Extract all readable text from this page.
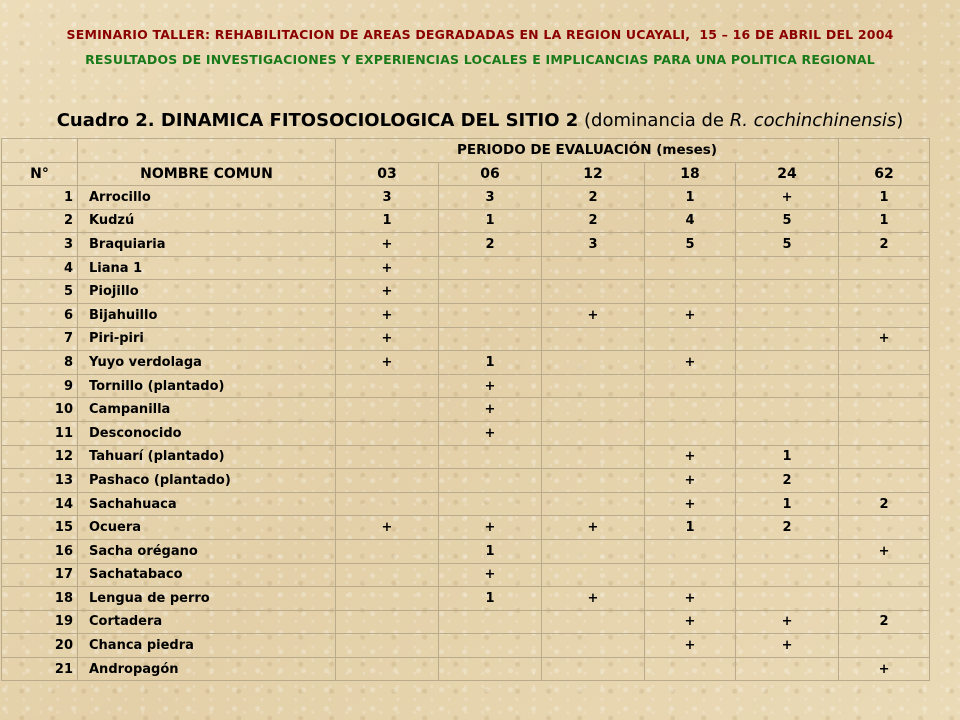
SEMINARIO TALLER: REHABILITACION DE AREAS DEGRADADAS EN LA REGION UCAYALI, 15 – 16 DE ABRIL DEL 2004
RESULTADOS DE INVESTIGACIONES Y EXPERIENCIAS LOCALES E IMPLICANCIAS PARA UNA POLITICA REGIONAL
Cuadro 2. DINAMICA FITOSOCIOLOGICA DEL SITIO 2 (dominancia de R. cochinchinensis)
		PERIODO DE EVALUACIÓN (meses)					
N°	NOMBRE COMUN	03	06	12	18	24	62
1	Arrocillo	3	3	2	1	+	1
2	Kudzú	1	1	2	4	5	1
3	Braquiaria	+	2	3	5	5	2
4	Liana 1	+					
5	Piojillo	+					
6	Bijahuillo	+		+	+		
7	Piri-piri	+					+
8	Yuyo verdolaga	+	1		+		
9	Tornillo (plantado)		+				
10	Campanilla		+				
11	Desconocido		+				
12	Tahuarí (plantado)				+	1	
13	Pashaco (plantado)				+	2	
14	Sachahuaca				+	1	2
15	Ocuera	+	+	+	1	2	
16	Sacha orégano		1				+
17	Sachatabaco		+				
18	Lengua de perro		1	+	+		
19	Cortadera				+	+	2
20	Chanca piedra				+	+	
21	Andropagón						+
